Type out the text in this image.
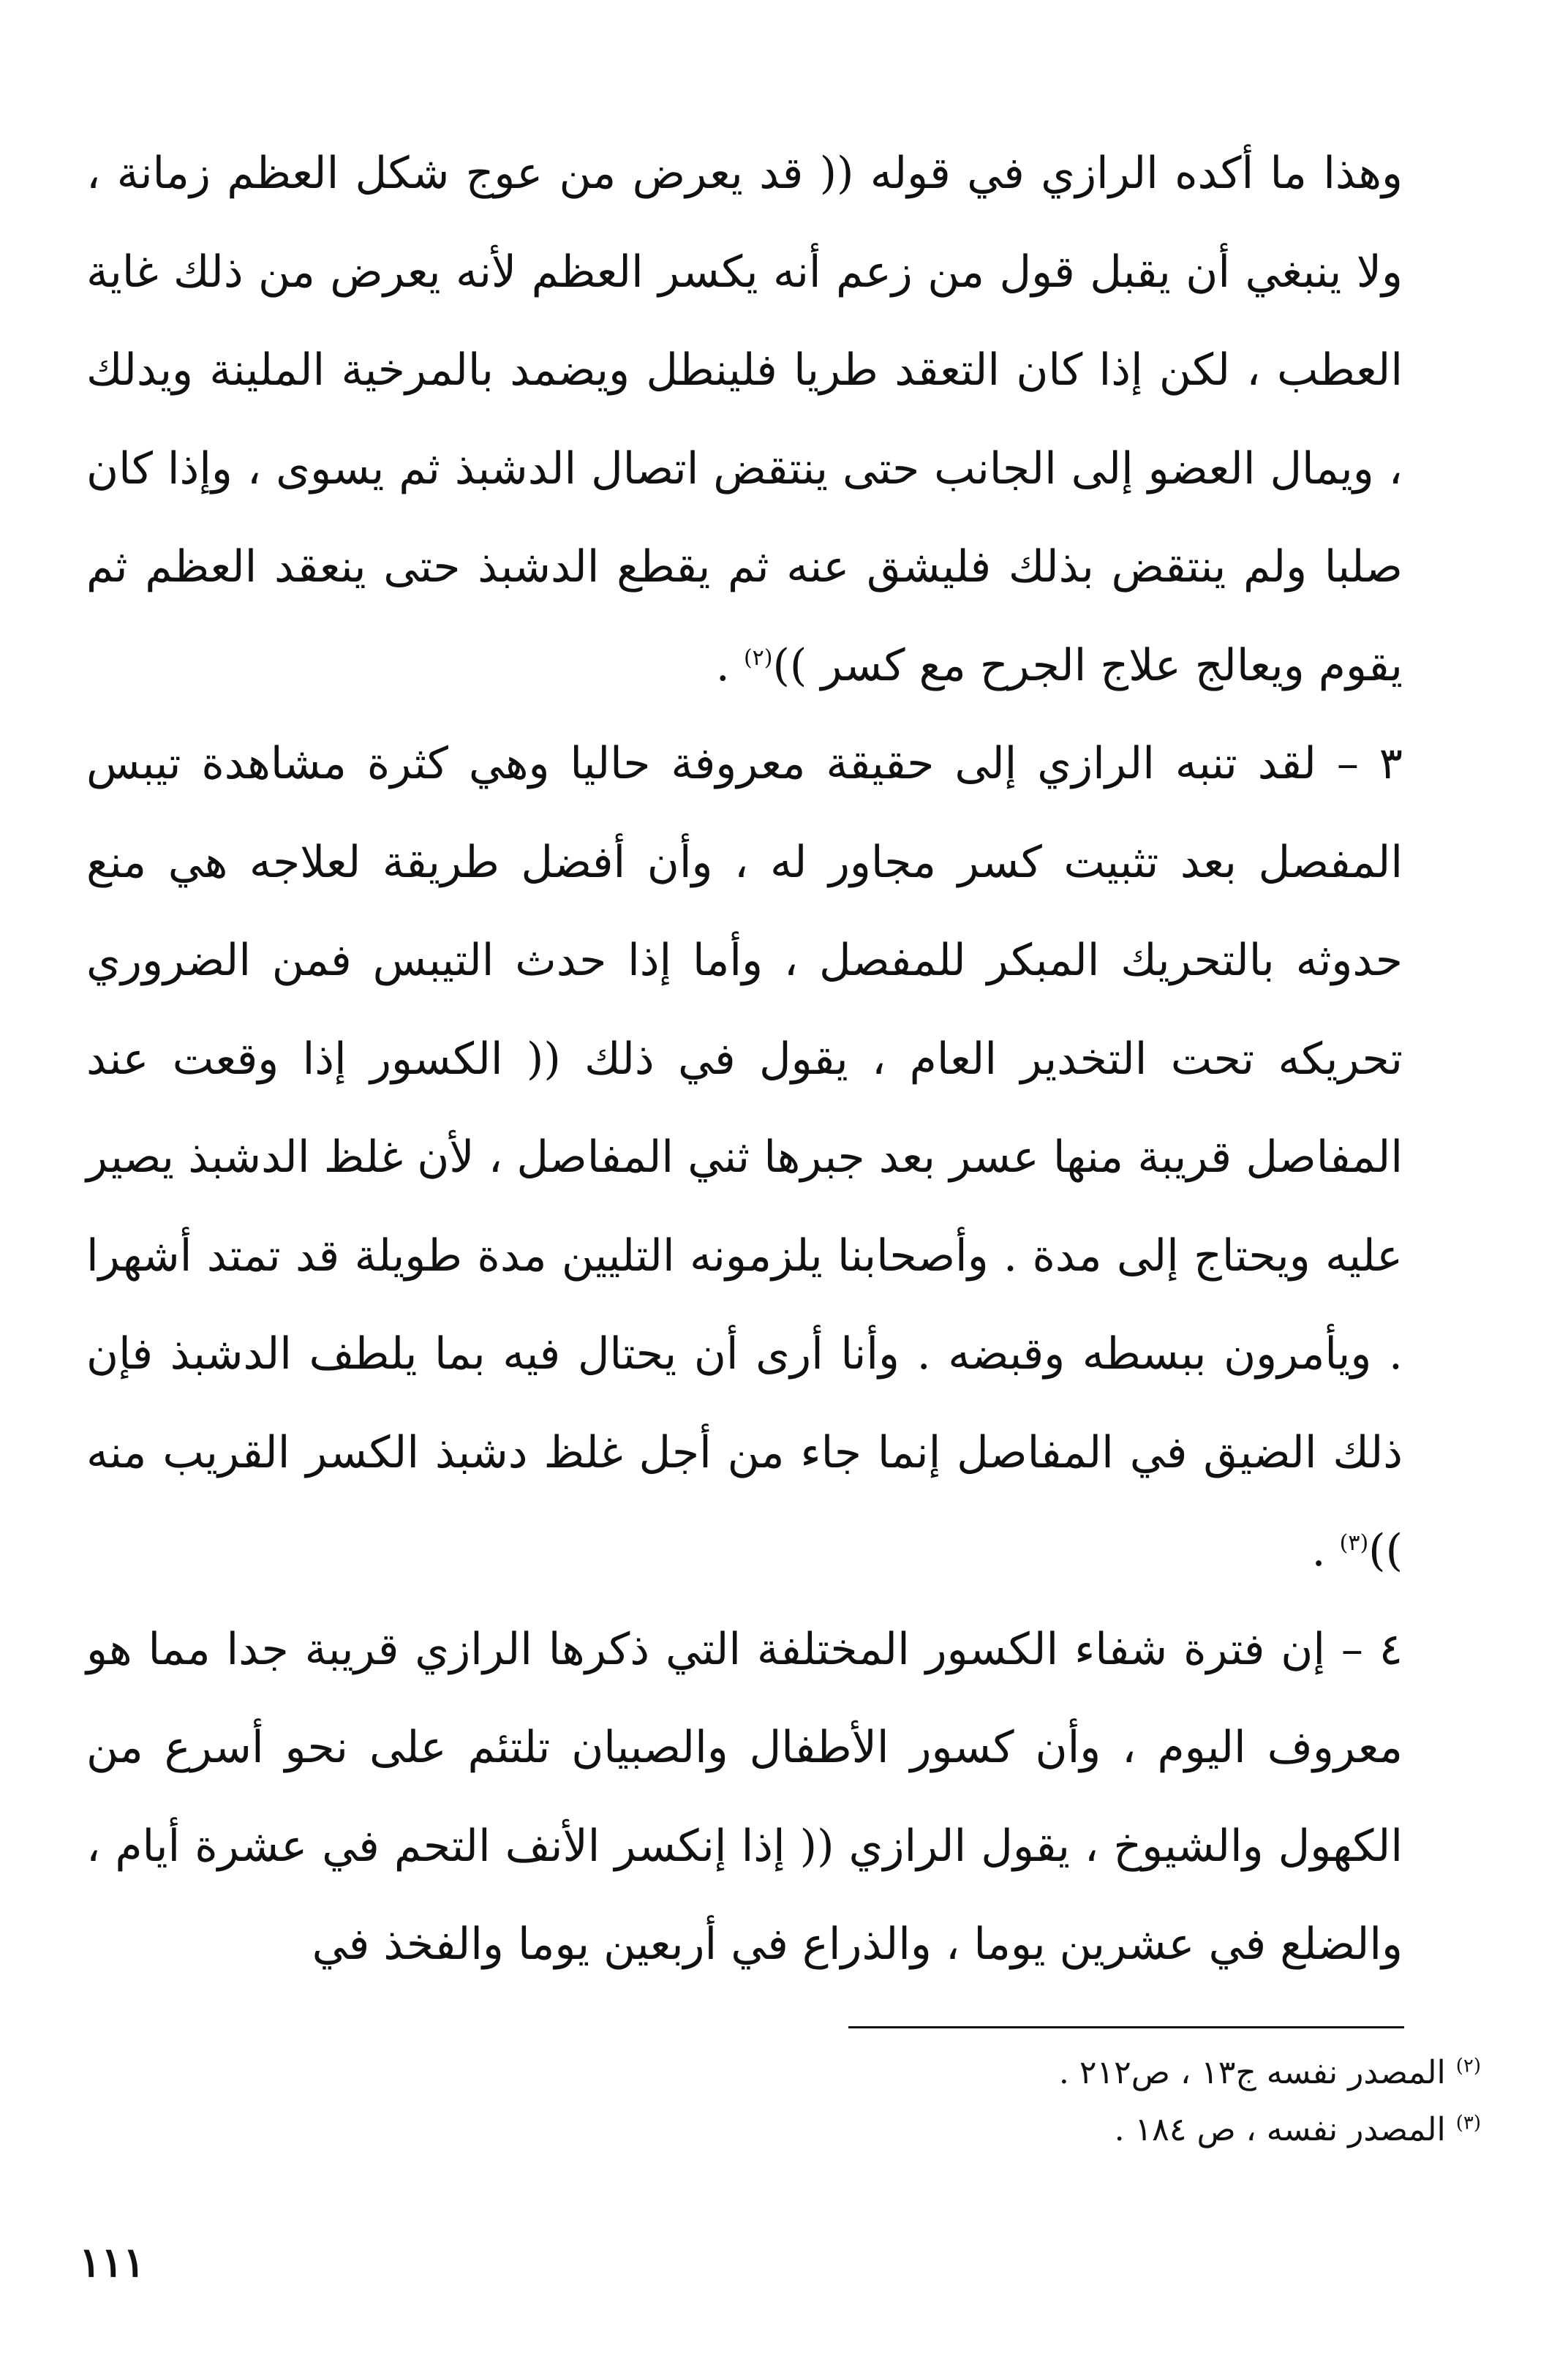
وهذا ما أكده الرازي في قوله (( قد يعرض من عوج شكل العظم زمانة ، ولا ينبغي أن يقبل قول من زعم أنه يكسر العظم لأنه يعرض من ذلك غاية العطب ، لكن إذا كان التعقد طريا فلينطل ويضمد بالمرخية الملينة ويدلك ، ويمال العضو إلى الجانب حتى ينتقض اتصال الدشبذ ثم يسوى ، وإذا كان صلبا ولم ينتقض بذلك فليشق عنه ثم يقطع الدشبذ حتى ينعقد العظم ثم يقوم ويعالج علاج الجرح مع كسر ))$^{(٢)}$ .

٣ – لقد تنبه الرازي إلى حقيقة معروفة حاليا وهي كثرة مشاهدة تيبس المفصل بعد تثبيت كسر مجاور له ، وأن أفضل طريقة لعلاجه هي منع حدوثه بالتحريك المبكر للمفصل ، وأما إذا حدث التيبس فمن الضروري تحريكه تحت التخدير العام ، يقول في ذلك (( الكسور إذا وقعت عند المفاصل قريبة منها عسر بعد جبرها ثني المفاصل ، لأن غلظ الدشبذ يصير عليه ويحتاج إلى مدة . وأصحابنا يلزمونه التليين مدة طويلة قد تمتد أشهرا . ويأمرون ببسطه وقبضه . وأنا أرى أن يحتال فيه بما يلطف الدشبذ فإن ذلك الضيق في المفاصل إنما جاء من أجل غلظ دشبذ الكسر القريب منه ))$^{(٣)}$ .

٤ – إن فترة شفاء الكسور المختلفة التي ذكرها الرازي قريبة جدا مما هو معروف اليوم ، وأن كسور الأطفال والصبيان تلتئم على نحو أسرع من الكهول والشيوخ ، يقول الرازي (( إذا إنكسر الأنف التحم في عشرة أيام ، والضلع في عشرين يوما ، والذراع في أربعين يوما والفخذ في

$^{(٢)}$ المصدر نفسه ج١٣ ، ص٢١٢ .

$^{(٣)}$ المصدر نفسه ، ص ١٨٤ .

١١١
